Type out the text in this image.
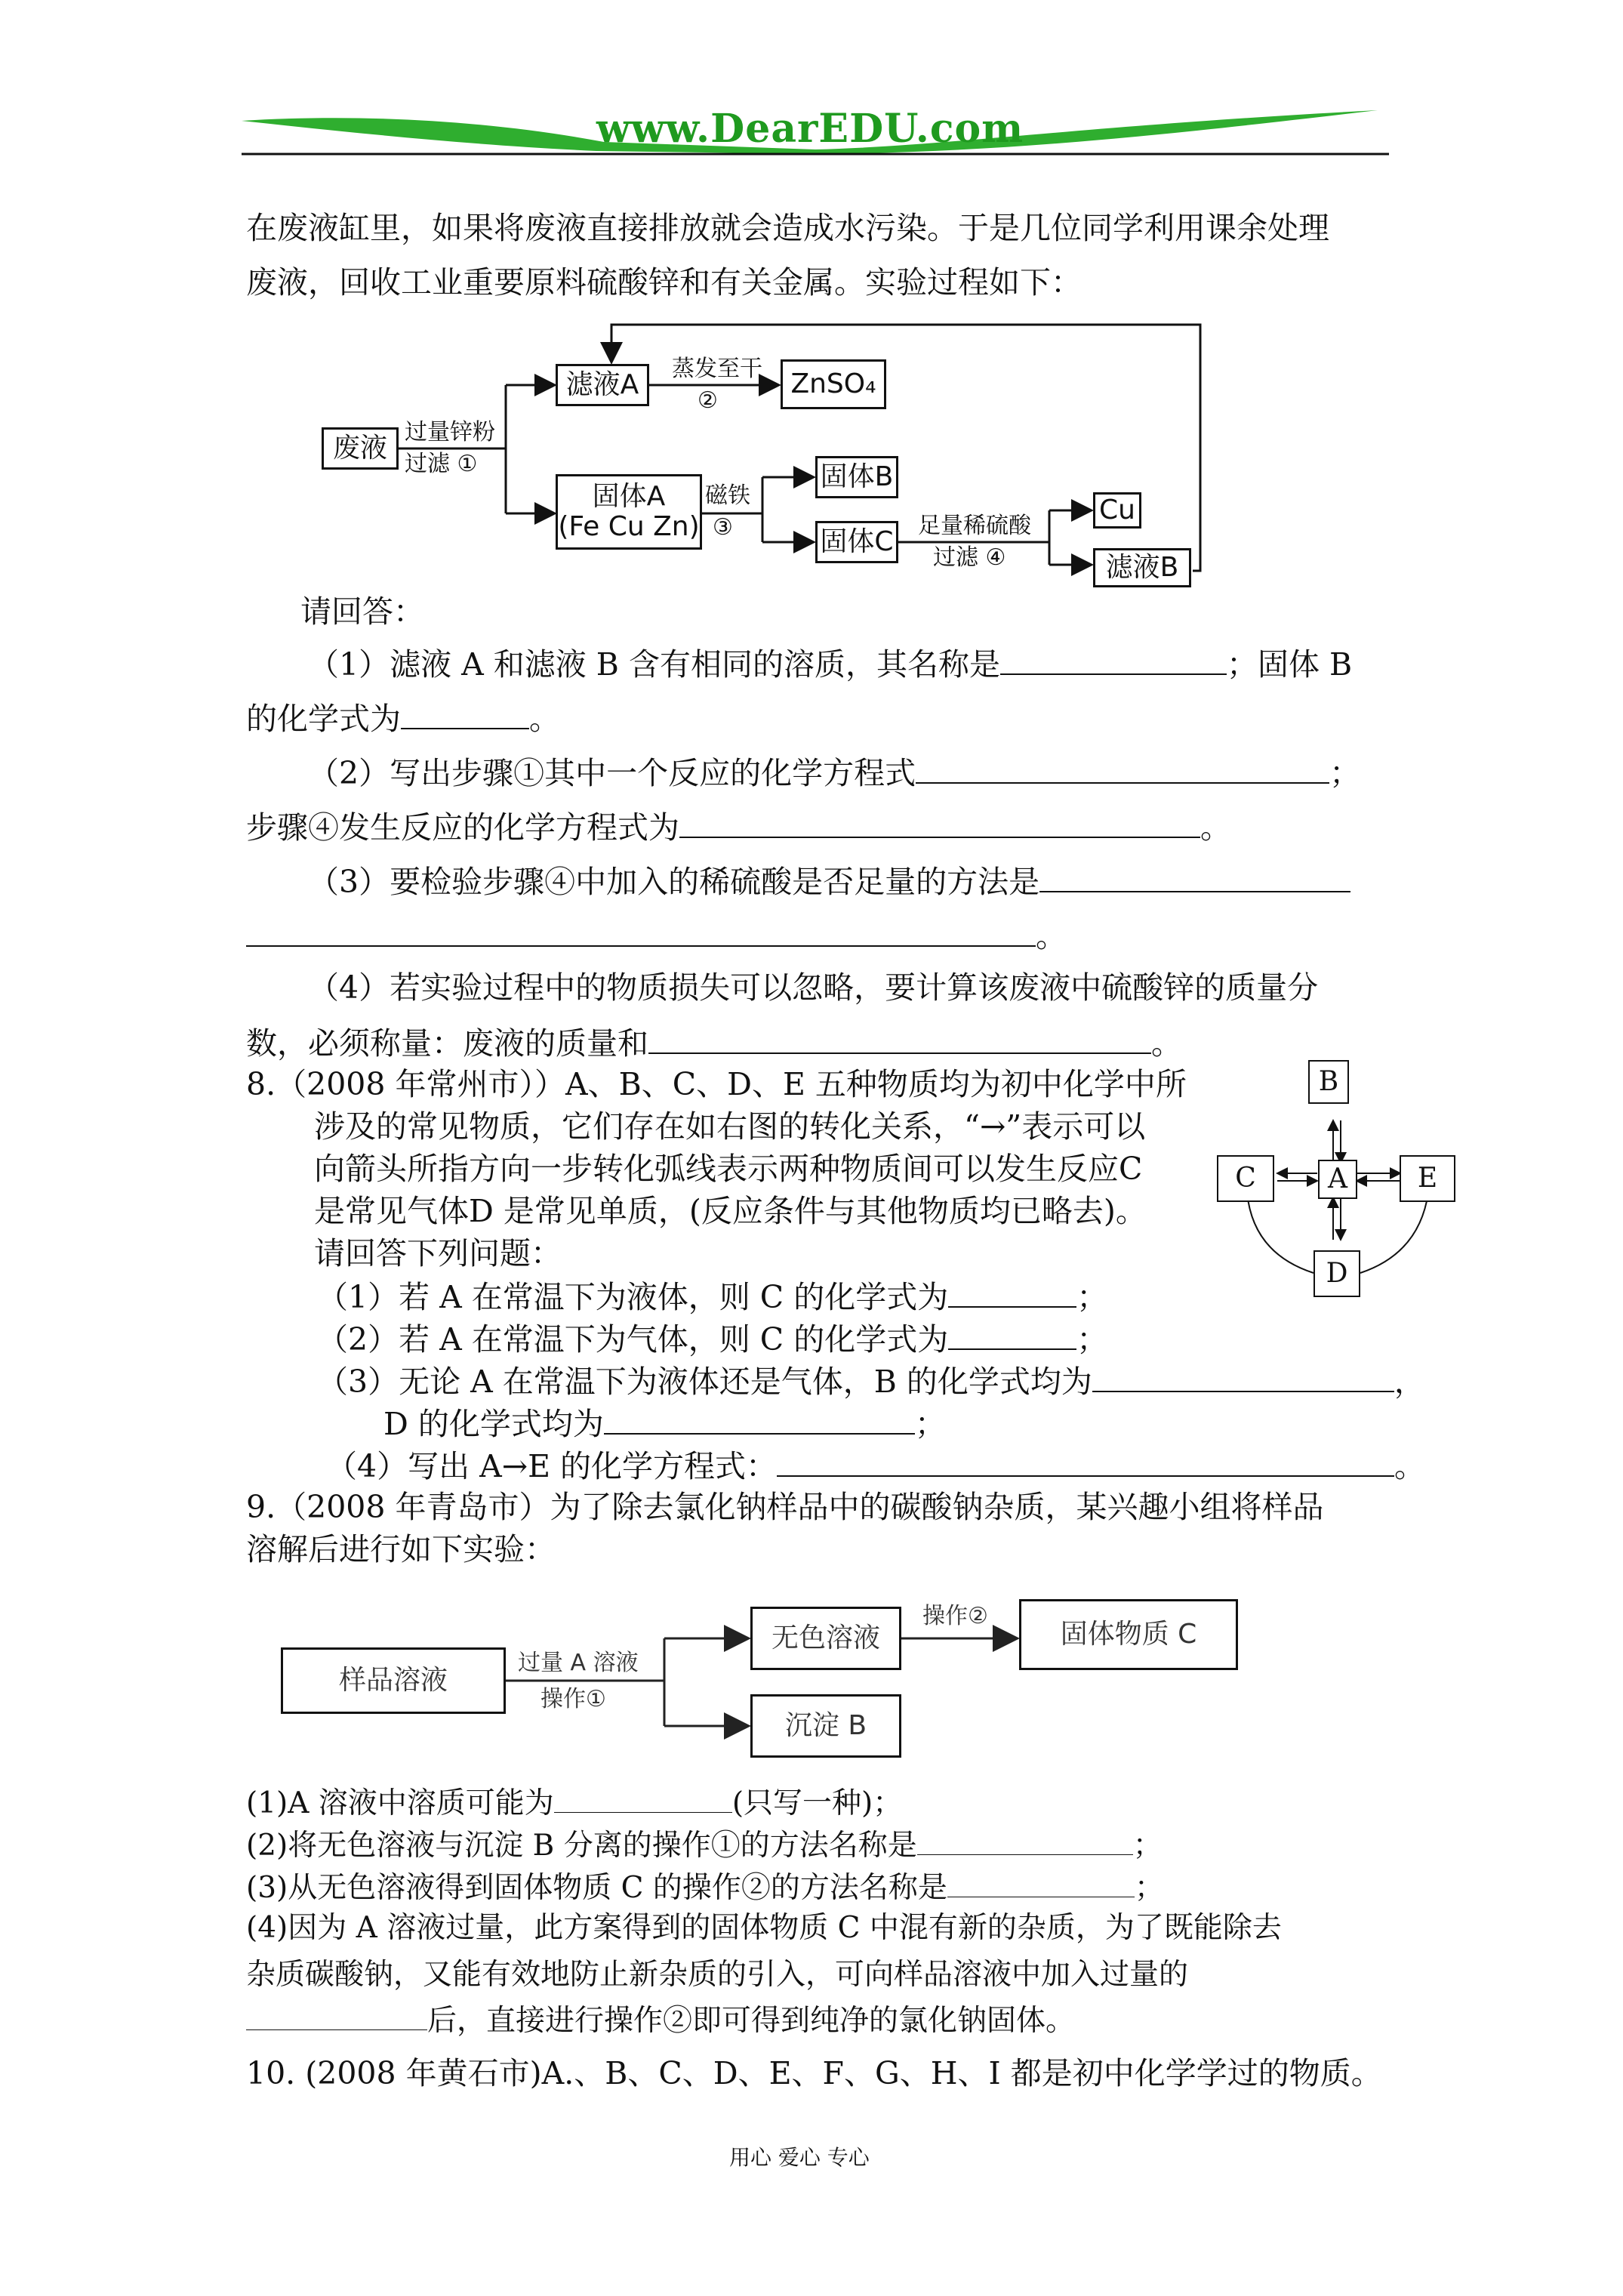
www.DearEDU.com
在废液缸里，如果将废液直接排放就会造成水污染。于是几位同学利用课余处理
废液，回收工业重要原料硫酸锌和有关金属。实验过程如下：
废液
过量锌粉
过滤 ①
滤液A
蒸发至干
②
ZnSO₄
固体A
(Fe Cu Zn)
磁铁
③
固体B
固体C
足量稀硫酸
过滤 ④
Cu
滤液B
请回答：
（1）滤液 A 和滤液 B 含有相同的溶质，其名称是	；固体 B
的化学式为	。
（2）写出步骤①其中一个反应的化学方程式	；
步骤④发生反应的化学方程式为	。
（3）要检验步骤④中加入的稀硫酸是否足量的方法是
。
（4）若实验过程中的物质损失可以忽略，要计算该废液中硫酸锌的质量分
数，必须称量：废液的质量和	。
8.（2008 年常州市））A、B、C、D、E 五种物质均为初中化学中所
涉及的常见物质，它们存在如右图的转化关系，“→”表示可以
向箭头所指方向一步转化弧线表示两种物质间可以发生反应C
是常见气体D 是常见单质，(反应条件与其他物质均已略去)。
请回答下列问题：
（1）若 A 在常温下为液体，则 C 的化学式为	；
（2）若 A 在常温下为气体，则 C 的化学式为	；
（3）无论 A 在常温下为液体还是气体，B 的化学式均为	，
D 的化学式均为	；
（4）写出 A→E 的化学方程式：	。
B
C	A	E
D
9.（2008 年青岛市）为了除去氯化钠样品中的碳酸钠杂质，某兴趣小组将样品
溶解后进行如下实验：
样品溶液
过量 A 溶液
操作①
无色溶液
操作②
固体物质 C
沉淀 B
(1)A 溶液中溶质可能为	(只写一种)；
(2)将无色溶液与沉淀 B 分离的操作①的方法名称是	；
(3)从无色溶液得到固体物质 C 的操作②的方法名称是	；
(4)因为 A 溶液过量，此方案得到的固体物质 C 中混有新的杂质，为了既能除去
杂质碳酸钠，又能有效地防止新杂质的引入，可向样品溶液中加入过量的
后，直接进行操作②即可得到纯净的氯化钠固体。
10. (2008 年黄石市)A.、B、C、D、E、F、G、H、I 都是初中化学学过的物质。
用心 爱心 专心
